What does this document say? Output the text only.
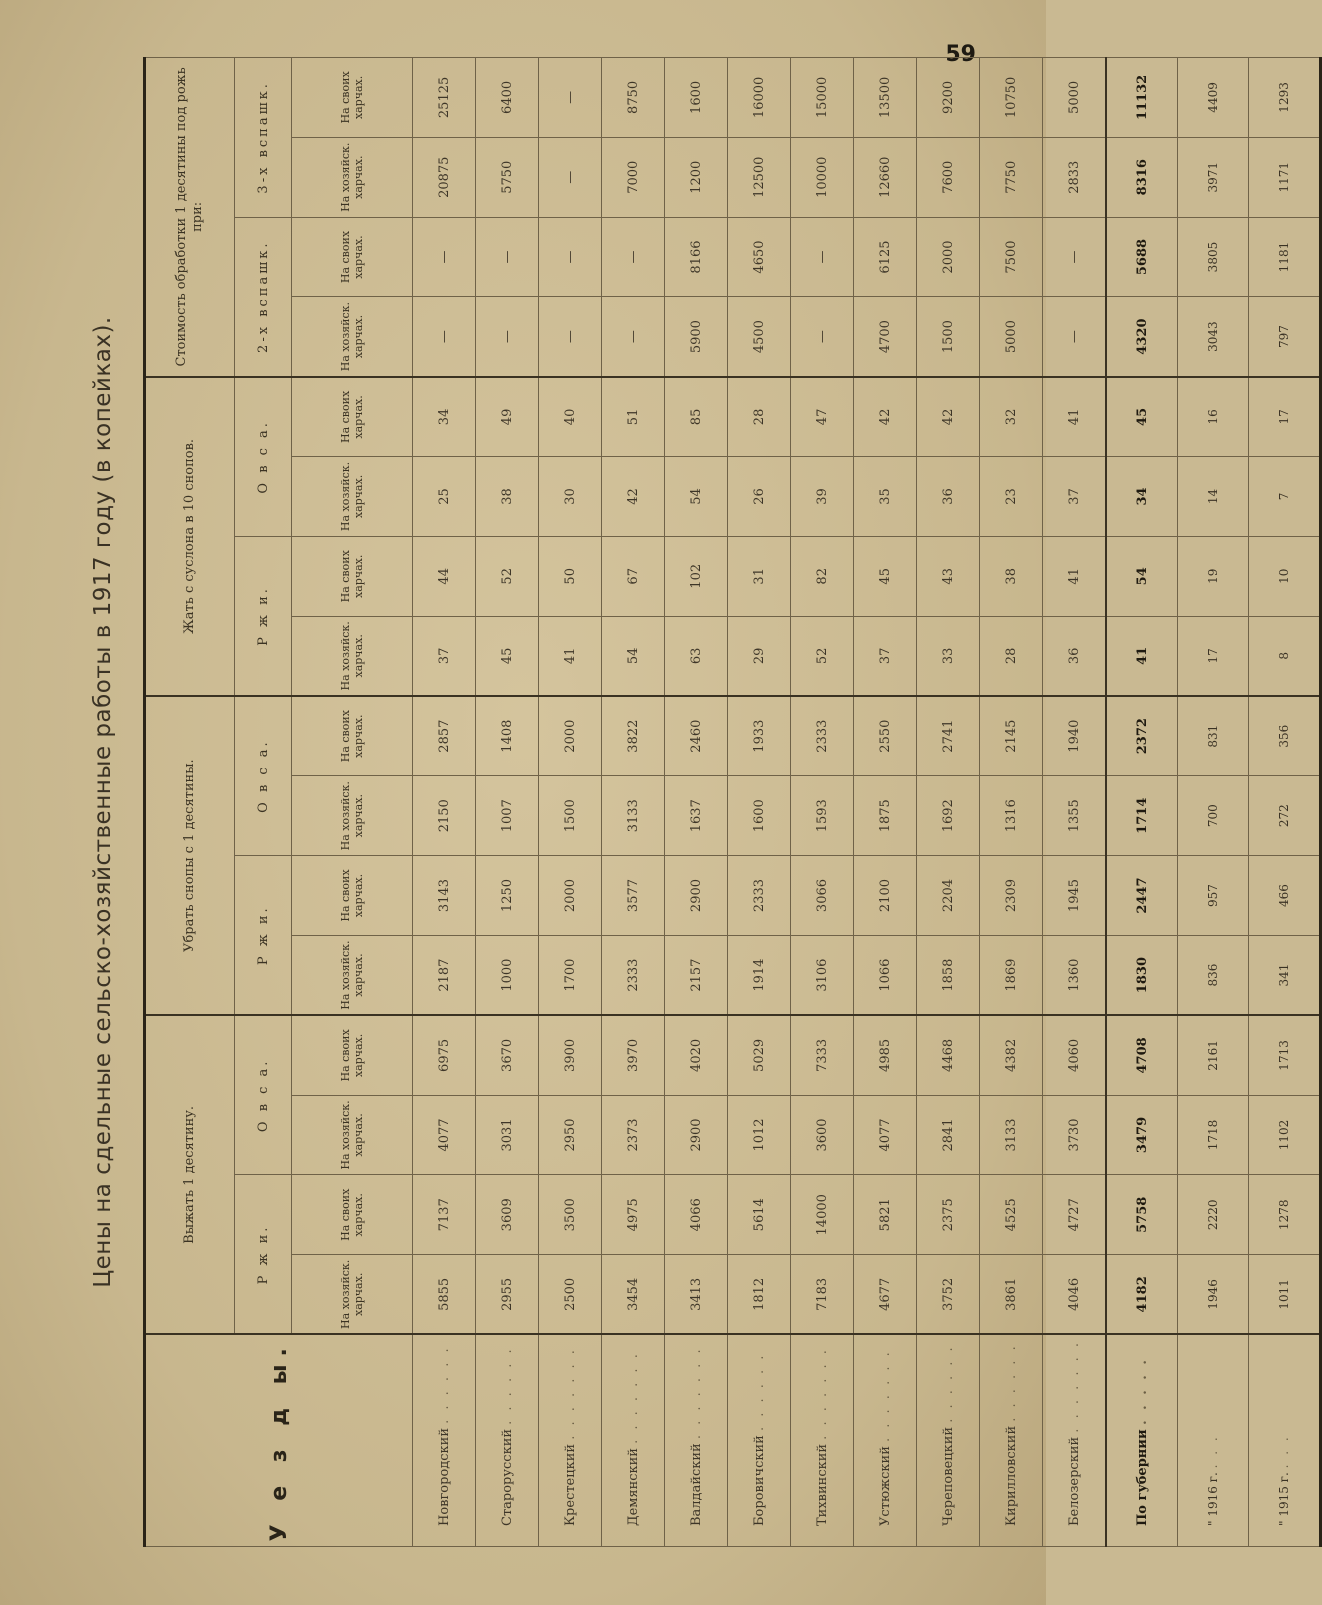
59
Цены на сдельные сельско-хозяйственные работы в 1917 году (в копейках).
У е з д ы.	Выжать 1 десятину.				Убрать снопы с 1 десятины.				Жать с суслона в 10 снопов.				Стоимость обработки 1 десятины под рожь при:			
	Р ж и.		О в с а.		Р ж и.		О в с а.		Р ж и.		О в с а.		2-х вспашк.		3-х вспашк.	
	На хозяйск. харчах.	На своих харчах.	На хозяйск. харчах.	На своих харчах.	На хозяйск. харчах.	На своих харчах.	На хозяйск. харчах.	На своих харчах.	На хозяйск. харчах.	На своих харчах.	На хозяйск. харчах.	На своих харчах.	На хозяйск. харчах.	На своих харчах.	На хозяйск. харчах.	На своих харчах.
Новгородский . . . . . .	5855	7137	4077	6975	2187	3143	2150	2857	37	44	25	34	—	—	20875	25125
Старорусский . . . . . .	2955	3609	3031	3670	1000	1250	1007	1408	45	52	38	49	—	—	5750	6400
Крестецкий . . . . . . .	2500	3500	2950	3900	1700	2000	1500	2000	41	50	30	40	—	—	—	—
Демянский . . . . . . .	3454	4975	2373	3970	2333	3577	3133	3822	54	67	42	51	—	—	7000	8750
Валдайский . . . . . . .	3413	4066	2900	4020	2157	2900	1637	2460	63	102	54	85	5900	8166	1200	1600
Боровичский . . . . . .	1812	5614	1012	5029	1914	2333	1600	1933	29	31	26	28	4500	4650	12500	16000
Тихвинский . . . . . . .	7183	14000	3600	7333	3106	3066	1593	2333	52	82	39	47	—	—	10000	15000
Устюжский . . . . . . .	4677	5821	4077	4985	1066	2100	1875	2550	37	45	35	42	4700	6125	12660	13500
Череповецкий . . . . . .	3752	2375	2841	4468	1858	2204	1692	2741	33	43	36	42	1500	2000	7600	9200
Кирилловский . . . . . .	3861	4525	3133	4382	1869	2309	1316	2145	28	38	23	32	5000	7500	7750	10750
Белозерский . . . . . . .	4046	4727	3730	4060	1360	1945	1355	1940	36	41	37	41	—	—	2833	5000
По губернии . . . . .	4182	5758	3479	4708	1830	2447	1714	2372	41	54	34	45	4320	5688	8316	11132
" 1916 г. . . .	1946	2220	1718	2161	836	957	700	831	17	19	14	16	3043	3805	3971	4409
" 1915 г. . . .	1011	1278	1102	1713	341	466	272	356	8	10	7	17	797	1181	1171	1293
